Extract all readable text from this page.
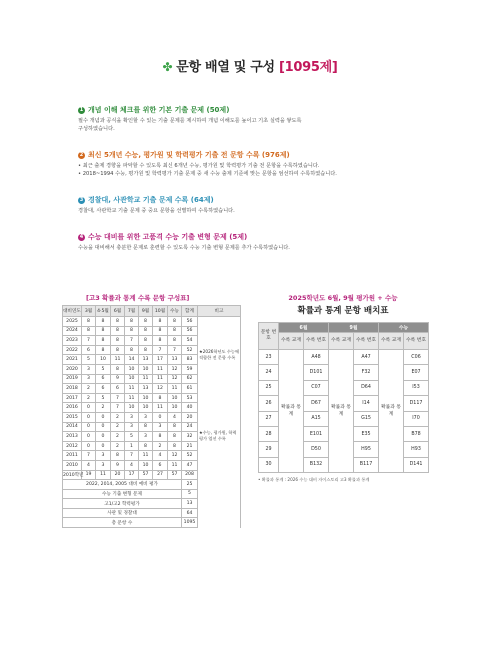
✤ 문항 배열 및 구성 [1095제]
1 개념 이해 체크를 위한 기본 기출 문제 (50제)
필수 개념과 공식을 확인할 수 있는 기출 문제를 제시하여 개념 이해도를 높이고 기초 실력을 쌓도록
구성하였습니다.
2 최신 5개년 수능, 평가원 및 학력평가 기출 전 문항 수록 (976제)
• 최근 출제 경향을 파악할 수 있도록 최신 6개년 수능, 평가원 및 학력평가 기출 전 문항을 수록하였습니다.
• 2018~1994 수능, 평가원 및 학력평가 기출 문제 중 새 수능 출제 기준에 맞는 문항을 엄선하여 수록하였습니다.
3 경찰대, 사관학교 기출 문제 수록 (64제)
경찰대, 사관학교 기출 문제 중 중요 문항을 선별하여 수록하였습니다.
4 수능 대비를 위한 고품격 수능 기출 변형 문제 (5제)
수능을 대비해서 충분한 문제로 훈련할 수 있도록 수능 기출 변형 문제를 추가 수록하였습니다.
[고3 확률과 통계 수록 문항 구성표]
대비연도	3월	4·5월	6월	7월	9월	10월	수능	합계	비고
2025	8	8	8	8	8	8	8	56	★2026학년도 수능에 적합한 전 문항 수록
2024	8	8	8	8	8	8	8	56	
2023	7	8	8	7	8	8	8	54	
2022	6	8	8	8	8	7	7	52	
2021	5	10	11	14	13	17	13	83	
2020	3	5	8	10	10	11	12	59	
2019	3	6	9	10	11	11	12	62	
2018	2	6	6	11	13	12	11	61	
2017	2	5	7	11	10	8	10	53	★수능, 평가원, 학력평가 엄선 수록
2016	0	2	7	10	10	11	10	40	
2015	0	0	2	3	3	0	4	20	
2014	0	0	2	3	8	3	8	24	
2013	0	0	2	5	3	8	8	32	
2012	0	0	2	1	8	2	8	21	
2011	7	3	8	7	11	4	12	52	
2010	4	3	9	4	10	6	11	47	
2010학년	19	11	20	17	57	27	57	208	
2022, 2014, 2005 대비 예비 평가								25	
수능 기출 변형 문제								5	
고1/고2 학력평가								13	
사관 및 경찰대								64	
총 문항 수								1095	
2025학년도 6월, 9월 평가원 + 수능
확률과 통계 문항 배치표
문항 번호	6월		9월		수능	
	수록 교재	수록 번호	수록 교재	수록 번호	수록 교재	수록 번호
23	확률과 통계	A48	확률과 통계	A47	확률과 통계	C06
24		D101		F32		E07
25		C07		D64		I53
26		D67		I14		D117
27		A15		G15		I70
28		E101		E35		B78
29		D50		H95		H93
30		B132		B117		D141
• 확률과 통계 : 2026 수능 대비 자이스토리 고3 확률과 통계
